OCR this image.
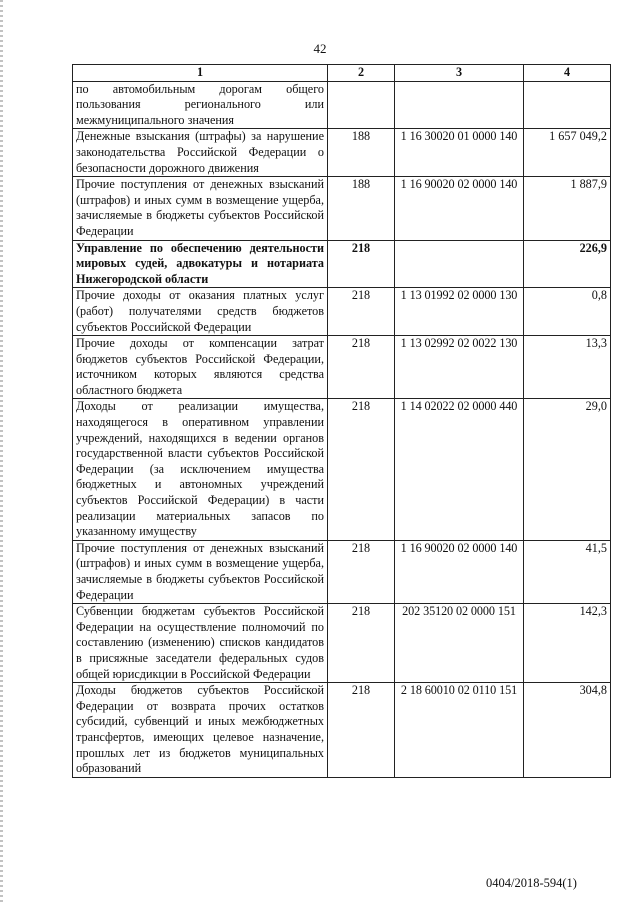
42
1	2	3	4
по автомобильным дорогам общего пользования регионального или межмуниципального значения			
Денежные взыскания (штрафы) за нарушение законодательства Российской Федерации о безопасности дорожного движения	188	1 16 30020 01 0000 140	1 657 049,2
Прочие поступления от денежных взысканий (штрафов) и иных сумм в возмещение ущерба, зачисляемые в бюджеты субъектов Российской Федерации	188	1 16 90020 02 0000 140	1 887,9
Управление по обеспечению деятельности мировых судей, адвокатуры и нотариата Нижегородской области	218		226,9
Прочие доходы от оказания платных услуг (работ) получателями средств бюджетов субъектов Российской Федерации	218	1 13 01992 02 0000 130	0,8
Прочие доходы от компенсации затрат бюджетов субъектов Российской Федерации, источником которых являются средства областного бюджета	218	1 13 02992 02 0022 130	13,3
Доходы от реализации имущества, находящегося в оперативном управлении учреждений, находящихся в ведении органов государственной власти субъектов Российской Федерации (за исключением имущества бюджетных и автономных учреждений субъектов Российской Федерации) в части реализации материальных запасов по указанному имуществу	218	1 14 02022 02 0000 440	29,0
Прочие поступления от денежных взысканий (штрафов) и иных сумм в возмещение ущерба, зачисляемые в бюджеты субъектов Российской Федерации	218	1 16 90020 02 0000 140	41,5
Субвенции бюджетам субъектов Российской Федерации на осуществление полномочий по составлению (изменению) списков кандидатов в присяжные заседатели федеральных судов общей юрисдикции в Российской Федерации	218	202 35120 02 0000 151	142,3
Доходы бюджетов субъектов Российской Федерации от возврата прочих остатков субсидий, субвенций и иных межбюджетных трансфертов, имеющих целевое назначение, прошлых лет из бюджетов муниципальных образований	218	2 18 60010 02 0110 151	304,8
0404/2018-594(1)
